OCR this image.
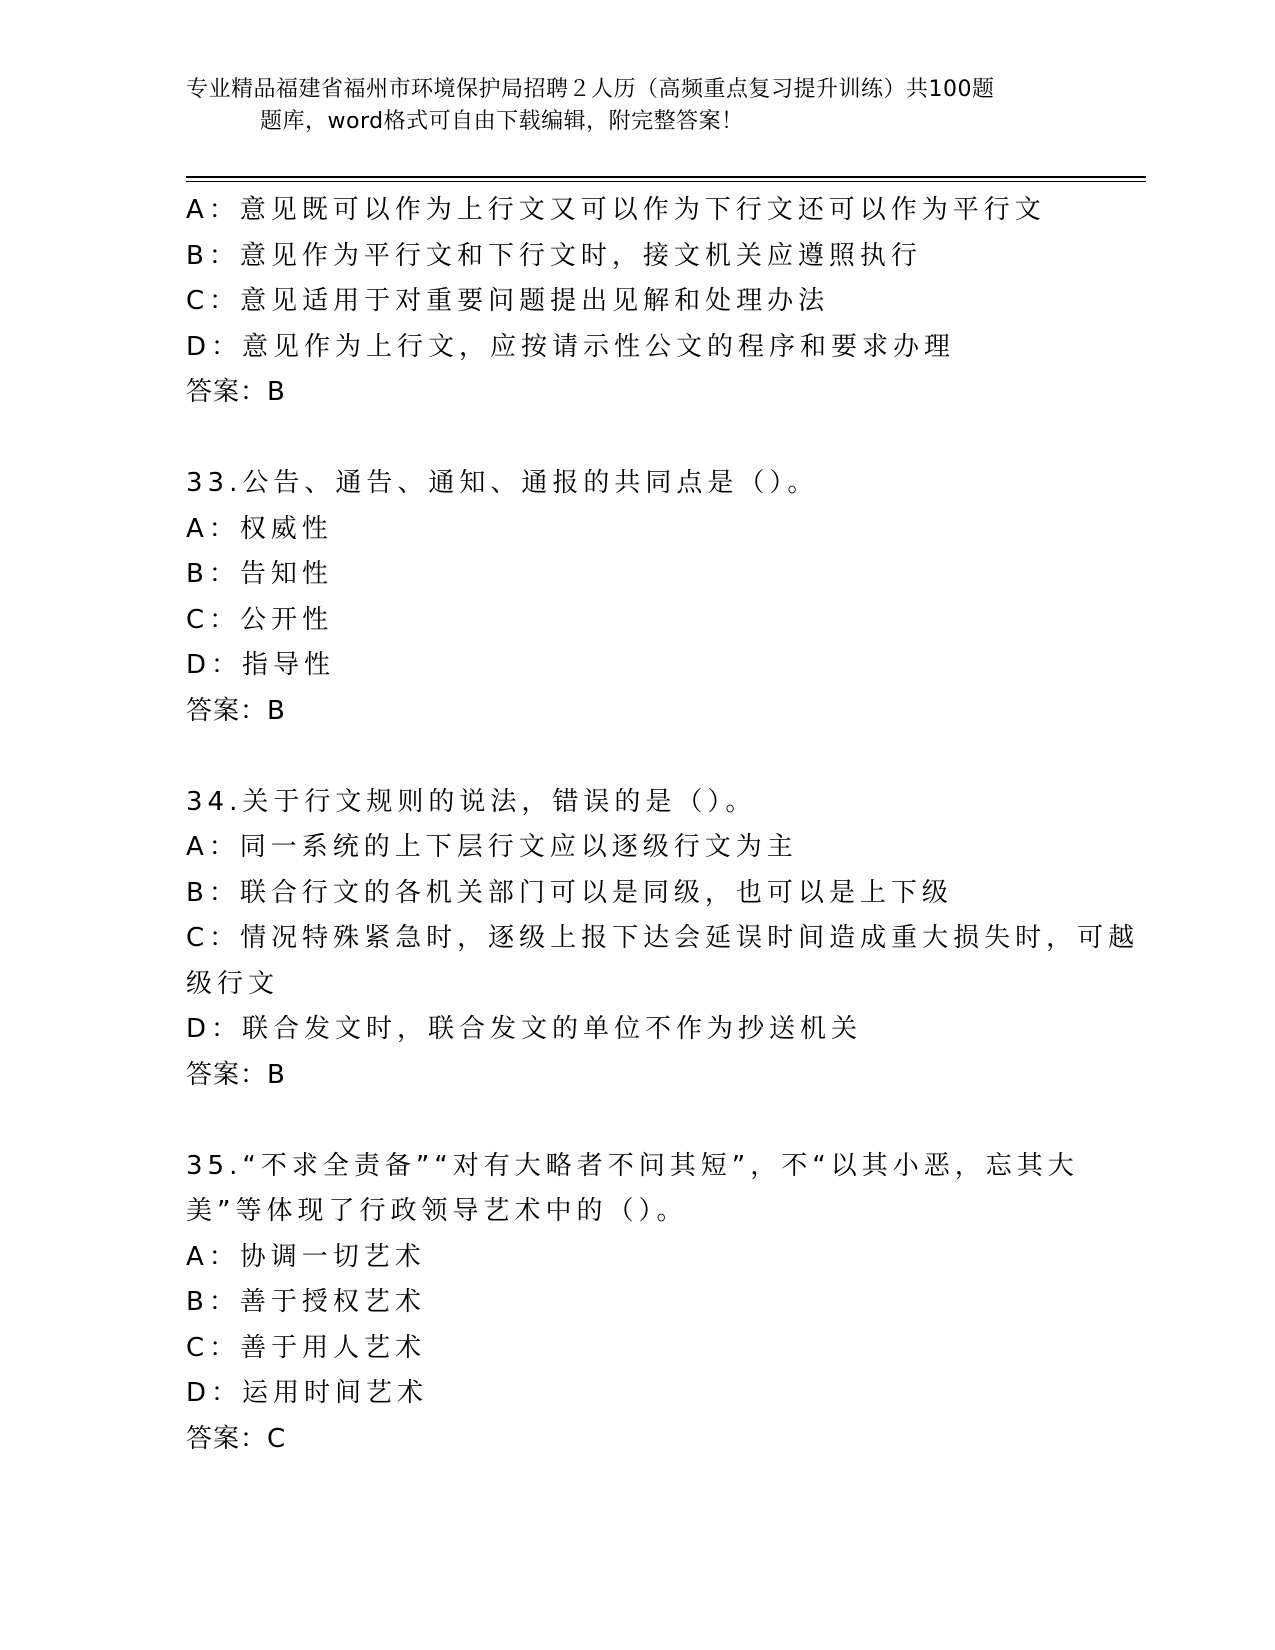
专业精品福建省福州市环境保护局招聘２人历（高频重点复习提升训练）共100题
题库，word格式可自由下载编辑，附完整答案！
A：意见既可以作为上行文又可以作为下行文还可以作为平行文
B：意见作为平行文和下行文时，接文机关应遵照执行
C：意见适用于对重要问题提出见解和处理办法
D：意见作为上行文，应按请示性公文的程序和要求办理
答案：B
33.公告、通告、通知、通报的共同点是（）。
A：权威性
B：告知性
C：公开性
D：指导性
答案：B
34.关于行文规则的说法，错误的是（）。
A：同一系统的上下层行文应以逐级行文为主
B：联合行文的各机关部门可以是同级，也可以是上下级
C：情况特殊紧急时，逐级上报下达会延误时间造成重大损失时，可越
级行文
D：联合发文时，联合发文的单位不作为抄送机关
答案：B
35.“不求全责备”“对有大略者不问其短”，不“以其小恶，忘其大
美”等体现了行政领导艺术中的（）。
A：协调一切艺术
B：善于授权艺术
C：善于用人艺术
D：运用时间艺术
答案：C
